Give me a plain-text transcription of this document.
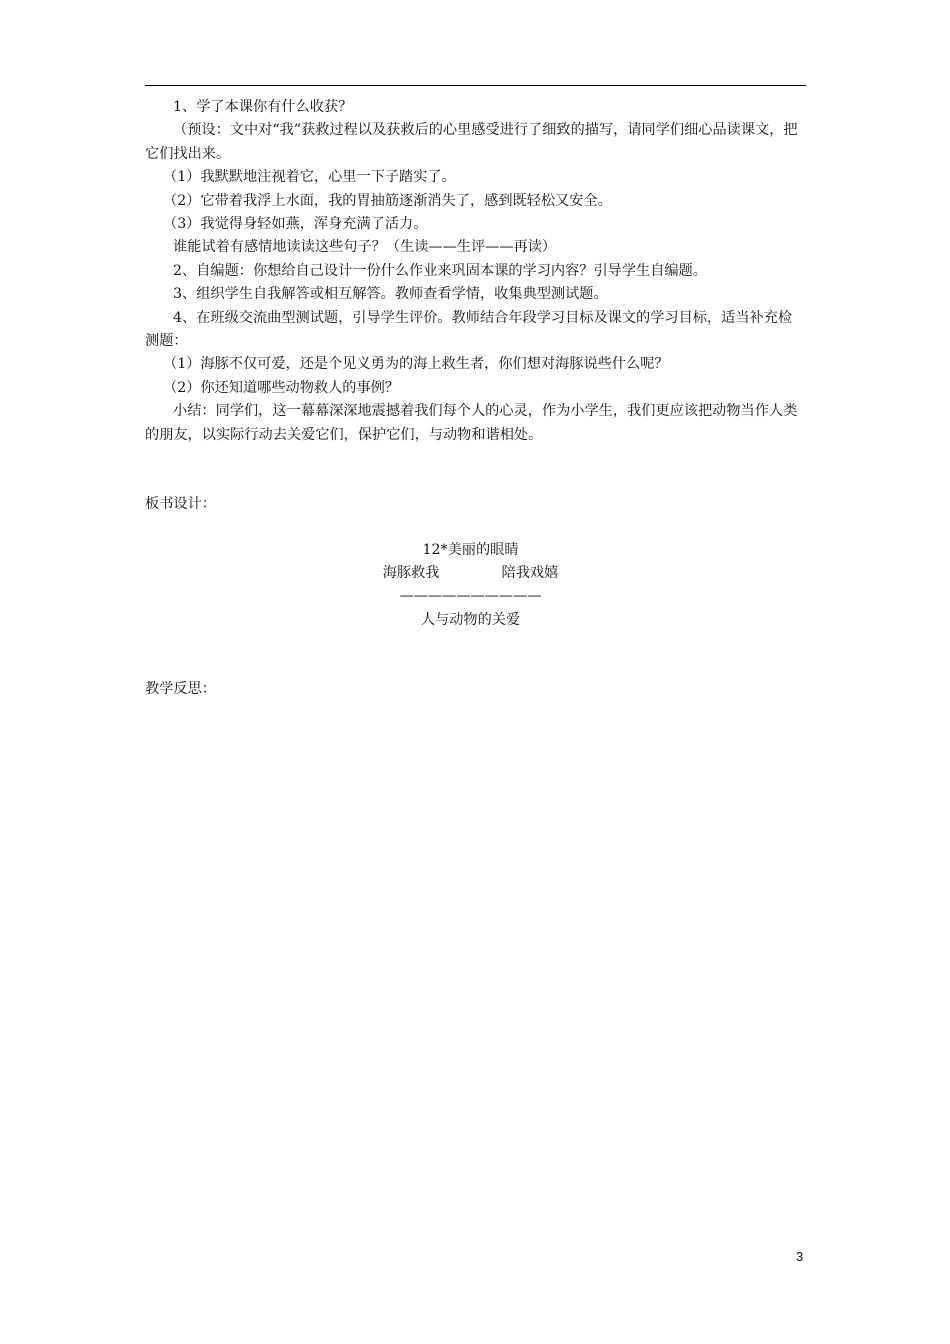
1、学了本课你有什么收获？

（预设：文中对“我”获救过程以及获救后的心里感受进行了细致的描写，请同学们细心品读课文，把它们找出来。

（1）我默默地注视着它，心里一下子踏实了。

（2）它带着我浮上水面，我的胃抽筋逐渐消失了，感到既轻松又安全。

（3）我觉得身轻如燕，浑身充满了活力。

谁能试着有感情地读读这些句子？（生读——生评——再读）

2、自编题：你想给自己设计一份什么作业来巩固本课的学习内容？引导学生自编题。

3、组织学生自我解答或相互解答。教师查看学情，收集典型测试题。

4、在班级交流曲型测试题，引导学生评价。教师结合年段学习目标及课文的学习目标，适当补充检测题：

（1）海豚不仅可爱，还是个见义勇为的海上救生者，你们想对海豚说些什么呢？

（2）你还知道哪些动物救人的事例？

小结：同学们，这一幕幕深深地震撼着我们每个人的心灵，作为小学生，我们更应该把动物当作人类的朋友，以实际行动去关爱它们，保护它们，与动物和谐相处。

板书设计：

12*美丽的眼睛
海豚救我	陪我戏嬉
——————————
人与动物的关爱

教学反思：

3
